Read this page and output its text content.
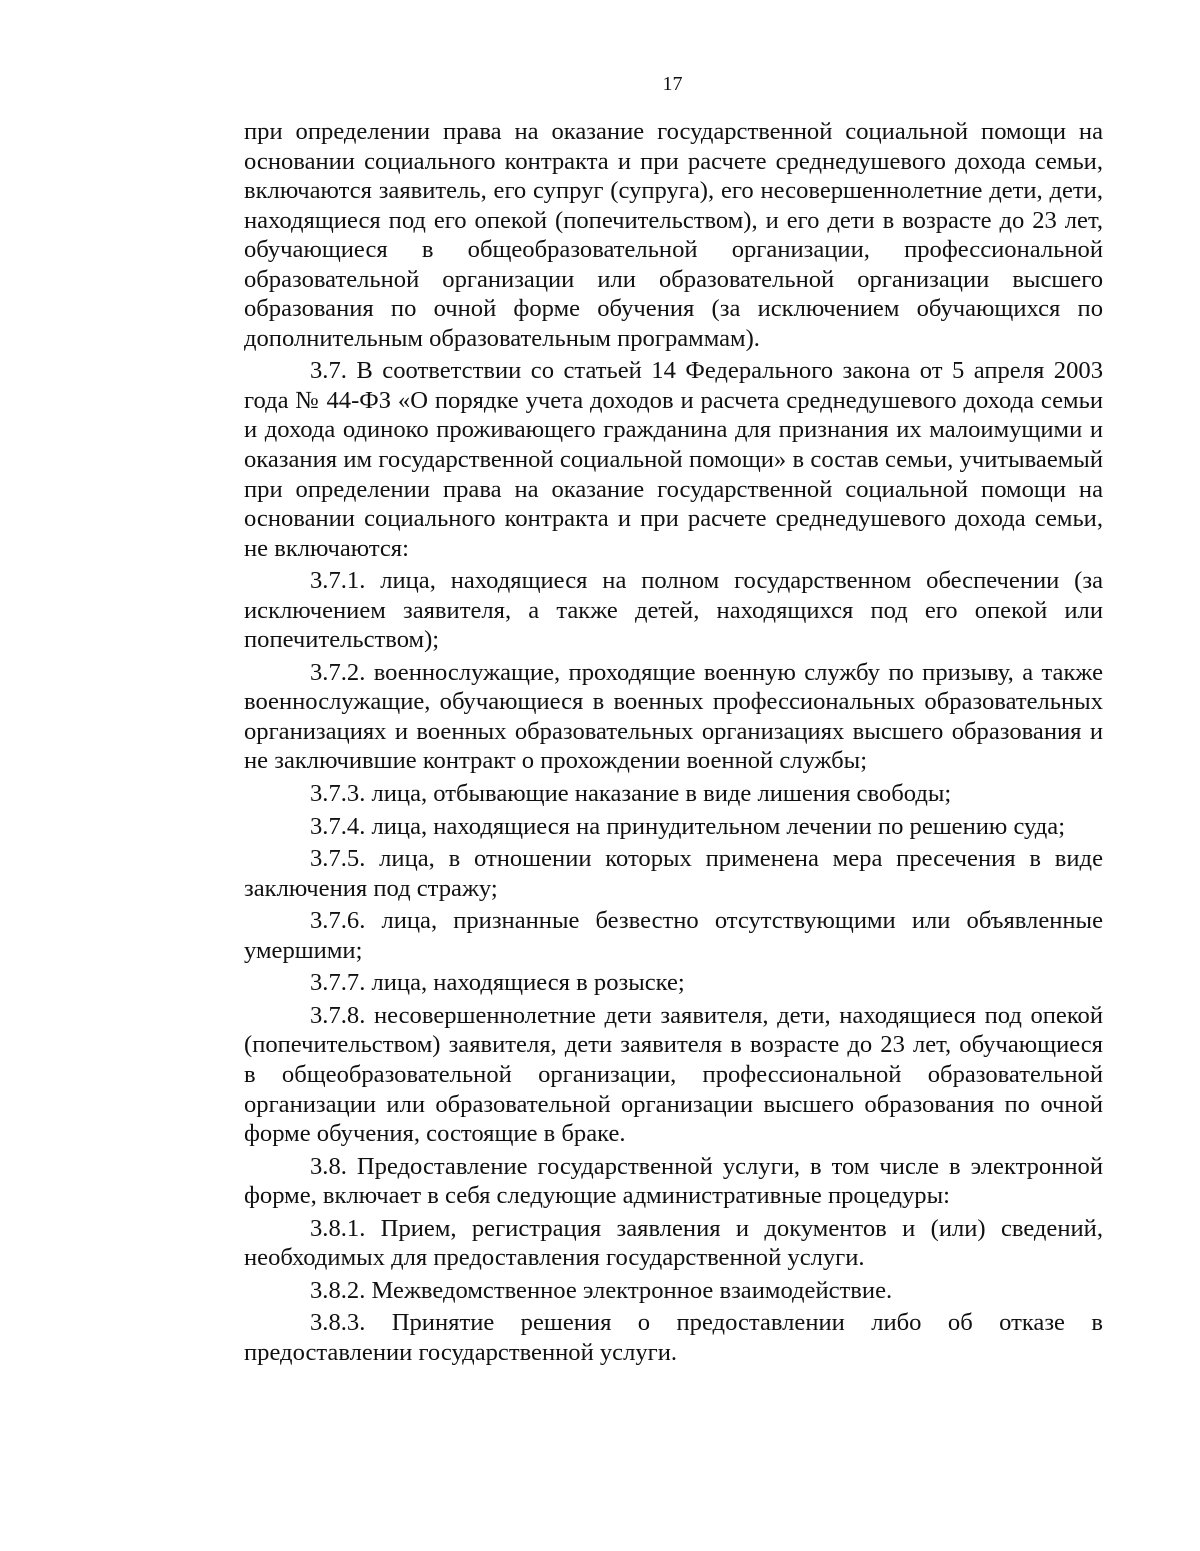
17

при определении права на оказание государственной социальной помощи на основании социального контракта и при расчете среднедушевого дохода семьи, включаются заявитель, его супруг (супруга), его несовершеннолетние дети, дети, находящиеся под его опекой (попечительством), и его дети в возрасте до 23 лет, обучающиеся в общеобразовательной организации, профессиональной образовательной организации или образовательной организации высшего образования по очной форме обучения (за исключением обучающихся по дополнительным образовательным программам).

3.7. В соответствии со статьей 14 Федерального закона от 5 апреля 2003 года № 44-ФЗ «О порядке учета доходов и расчета среднедушевого дохода семьи и дохода одиноко проживающего гражданина для признания их малоимущими и оказания им государственной социальной помощи» в состав семьи, учитываемый при определении права на оказание государственной социальной помощи на основании социального контракта и при расчете среднедушевого дохода семьи, не включаются:

3.7.1. лица, находящиеся на полном государственном обеспечении (за исключением заявителя, а также детей, находящихся под его опекой или попечительством);

3.7.2. военнослужащие, проходящие военную службу по призыву, а также военнослужащие, обучающиеся в военных профессиональных образовательных организациях и военных образовательных организациях высшего образования и не заключившие контракт о прохождении военной службы;

3.7.3. лица, отбывающие наказание в виде лишения свободы;

3.7.4. лица, находящиеся на принудительном лечении по решению суда;

3.7.5. лица, в отношении которых применена мера пресечения в виде заключения под стражу;

3.7.6. лица, признанные безвестно отсутствующими или объявленные умершими;

3.7.7. лица, находящиеся в розыске;

3.7.8. несовершеннолетние дети заявителя, дети, находящиеся под опекой (попечительством) заявителя, дети заявителя в возрасте до 23 лет, обучающиеся в общеобразовательной организации, профессиональной образовательной организации или образовательной организации высшего образования по очной форме обучения, состоящие в браке.

3.8. Предоставление государственной услуги, в том числе в электронной форме, включает в себя следующие административные процедуры:

3.8.1. Прием, регистрация заявления и документов и (или) сведений, необходимых для предоставления государственной услуги.

3.8.2. Межведомственное электронное взаимодействие.

3.8.3. Принятие решения о предоставлении либо об отказе в предоставлении государственной услуги.
